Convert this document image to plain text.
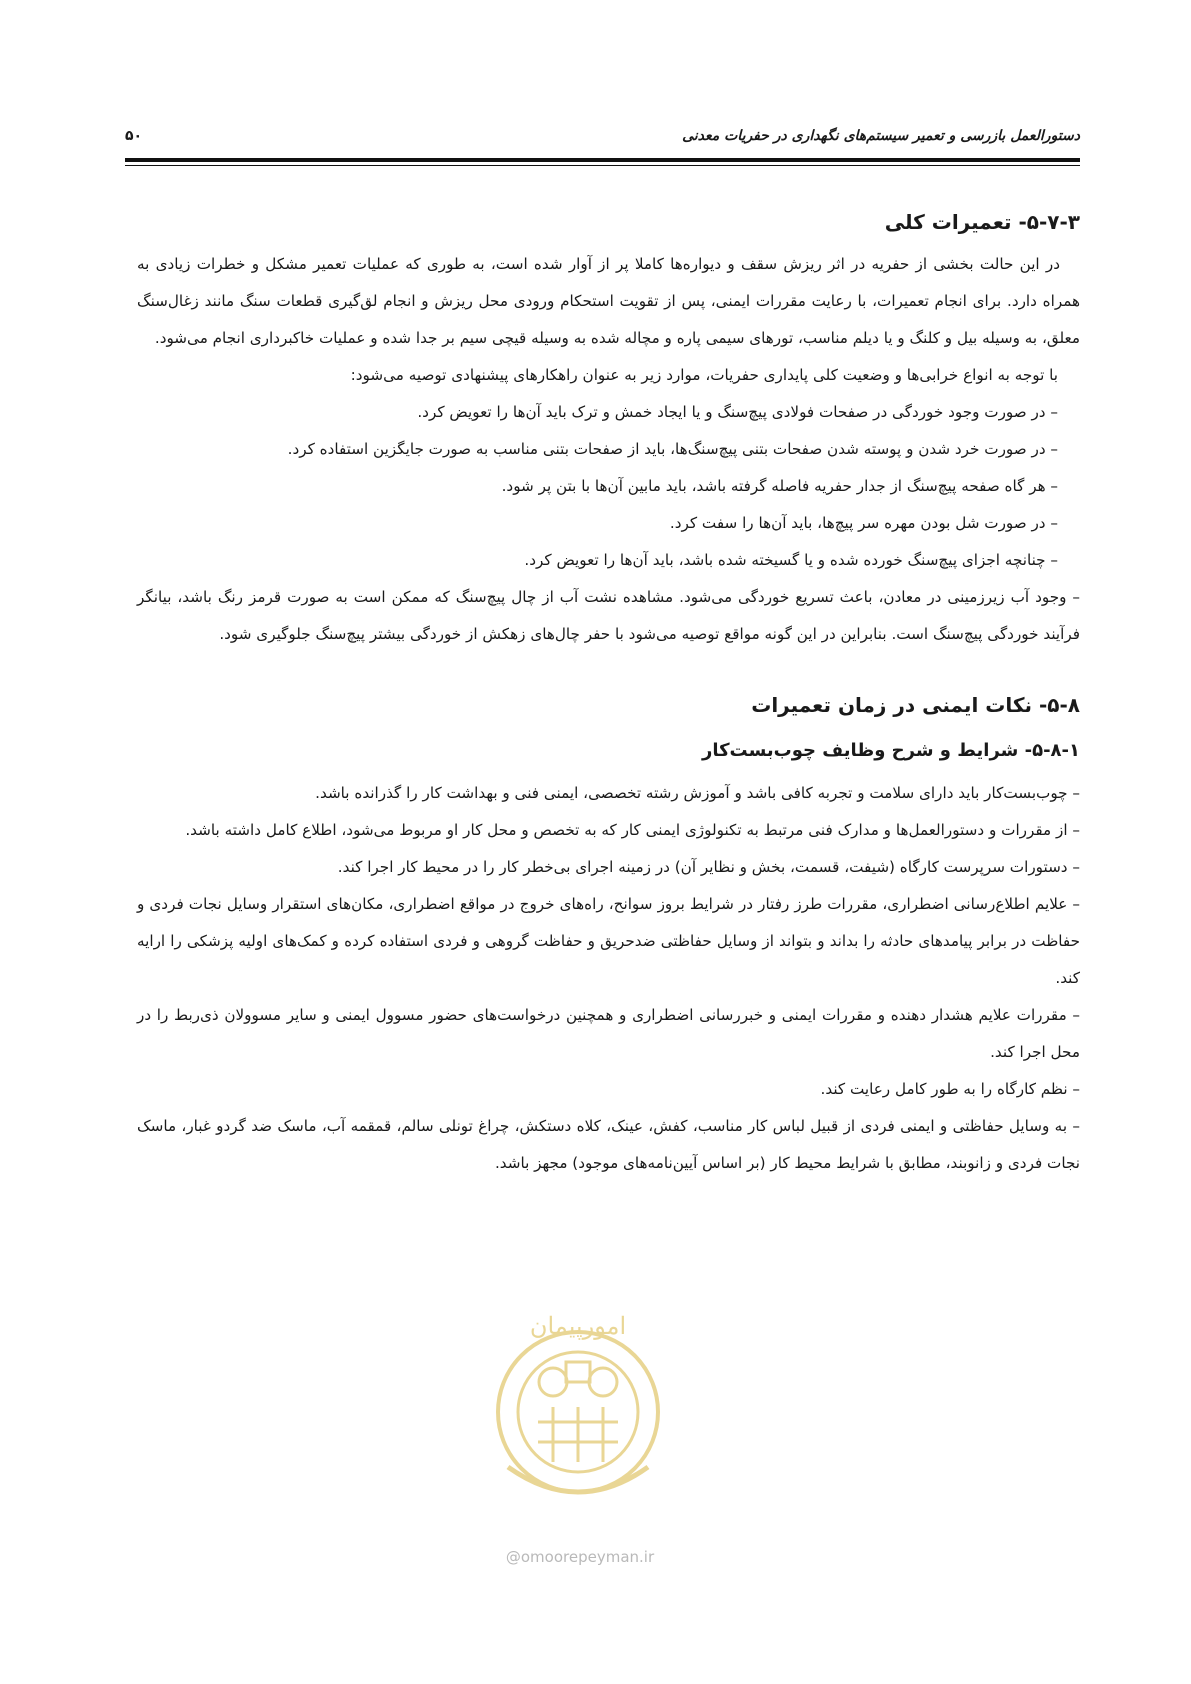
دستورالعمل بازرسی و تعمیر سیستم‌های نگهداری در حفریات معدنی
۵۰
۵-۷-۳- تعمیرات کلی

در این حالت بخشی از حفریه در اثر ریزش سقف و دیواره‌ها کاملا پر از آوار شده است، به طوری که عملیات تعمیر مشکل و خطرات زیادی به همراه دارد. برای انجام تعمیرات، با رعایت مقررات ایمنی، پس از تقویت استحکام ورودی محل ریزش و انجام لق‌گیری قطعات سنگ مانند زغال‌سنگ معلق، به وسیله بیل و کلنگ و یا دیلم مناسب، تورهای سیمی پاره و مچاله شده به وسیله قیچی سیم بر جدا شده و عملیات خاکبرداری انجام می‌شود.

با توجه به انواع خرابی‌ها و وضعیت کلی پایداری حفریات، موارد زیر به عنوان راهکارهای پیشنهادی توصیه می‌شود:

– در صورت وجود خوردگی در صفحات فولادی پیچ‌سنگ و یا ایجاد خمش و ترک باید آن‌ها را تعویض کرد.

– در صورت خرد شدن و پوسته شدن صفحات بتنی پیچ‌سنگ‌ها، باید از صفحات بتنی مناسب به صورت جایگزین استفاده کرد.

– هر گاه صفحه پیچ‌سنگ از جدار حفریه فاصله گرفته باشد، باید مابین آن‌ها با بتن پر شود.

– در صورت شل بودن مهره سر پیچ‌ها، باید آن‌ها را سفت کرد.

– چنانچه اجزای پیچ‌سنگ خورده شده و یا گسیخته شده باشد، باید آن‌ها را تعویض کرد.

– وجود آب زیرزمینی در معادن، باعث تسریع خوردگی می‌شود. مشاهده نشت آب از چال پیچ‌سنگ که ممکن است به صورت قرمز رنگ باشد، بیانگر فرآیند خوردگی پیچ‌سنگ است. بنابراین در این گونه مواقع توصیه می‌شود با حفر چال‌های زهکش از خوردگی بیشتر پیچ‌سنگ جلوگیری شود.

۵-۸- نکات ایمنی در زمان تعمیرات
۵-۸-۱- شرایط و شرح وظایف چوب‌بست‌کار

– چوب‌بست‌کار باید دارای سلامت و تجربه کافی باشد و آموزش رشته تخصصی، ایمنی فنی و بهداشت کار را گذرانده باشد.

– از مقررات و دستورالعمل‌ها و مدارک فنی مرتبط به تکنولوژی ایمنی کار که به تخصص و محل کار او مربوط می‌شود، اطلاع کامل داشته باشد.

– دستورات سرپرست کارگاه (شیفت، قسمت، بخش و نظایر آن) در زمینه اجرای بی‌خطر کار را در محیط کار اجرا کند.

– علایم اطلاع‌رسانی اضطراری، مقررات طرز رفتار در شرایط بروز سوانح، راه‌های خروج در مواقع اضطراری، مکان‌های استقرار وسایل نجات فردی و حفاظت در برابر پیامدهای حادثه را بداند و بتواند از وسایل حفاظتی ضدحریق و حفاظت گروهی و فردی استفاده کرده و کمک‌های اولیه پزشکی را ارایه کند.

– مقررات علایم هشدار دهنده و مقررات ایمنی و خبررسانی اضطراری و همچنین درخواست‌های حضور مسوول ایمنی و سایر مسوولان ذی‌ربط را در محل اجرا کند.

– نظم کارگاه را به طور کامل رعایت کند.

– به وسایل حفاظتی و ایمنی فردی از قبیل لباس کار مناسب، کفش، عینک، کلاه دستکش، چراغ تونلی سالم، قمقمه آب، ماسک ضد گردو غبار، ماسک نجات فردی و زانوبند، مطابق با شرایط محیط کار (بر اساس آیین‌نامه‌های موجود) مجهز باشد.

امورپیمان
@omoorepeyman.ir
